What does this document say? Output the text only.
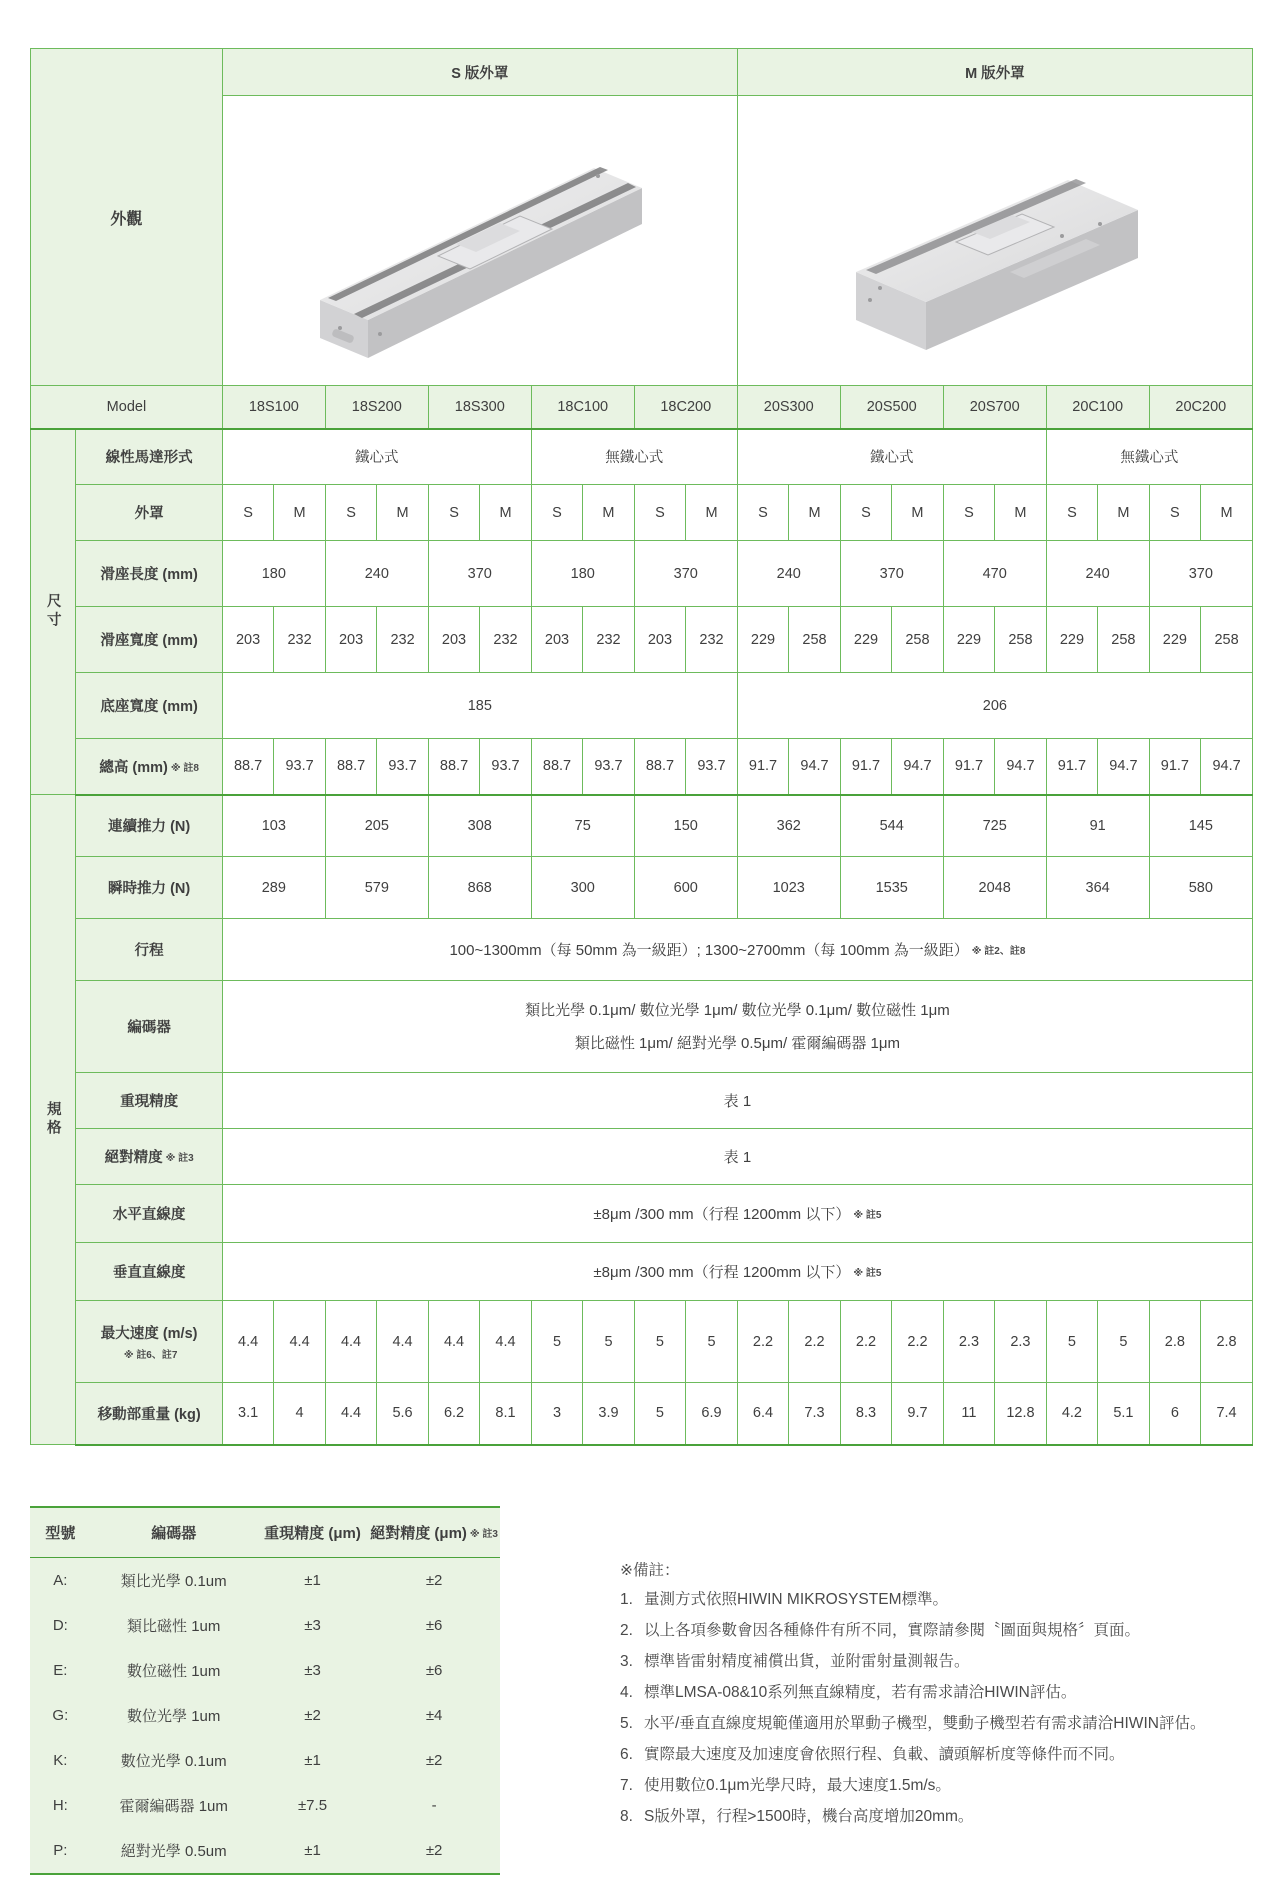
外觀		S 版外罩										M 版外罩									

Model		18S100		18S200		18S300		18C100		18C200		20S300		20S500		20S700		20C100		20C200	

尺寸	線性馬達形式	鐵心式						無鐵心式				鐵心式						無鐵心式			
	外罩	S	M	S	M	S	M	S	M	S	M	S	M	S	M	S	M	S	M	S	M
	滑座長度 (mm)	180		240		370		180		370		240		370		470		240		370	
	滑座寬度 (mm)	203	232	203	232	203	232	203	232	203	232	229	258	229	258	229	258	229	258	229	258
	底座寬度 (mm)	185										206									
	總高 (mm) ※ 註8	88.7	93.7	88.7	93.7	88.7	93.7	88.7	93.7	88.7	93.7	91.7	94.7	91.7	94.7	91.7	94.7	91.7	94.7	91.7	94.7

規格	連續推力 (N)	103		205		308		75		150		362		544		725		91		145	
	瞬時推力 (N)	289		579		868		300		600		1023		1535		2048		364		580	
	行程	100~1300mm（每 50mm 為一級距）; 1300~2700mm（每 100mm 為一級距） ※ 註2、註8																			
	編碼器	類比光學 0.1μm/ 數位光學 1μm/ 數位光學 0.1μm/ 數位磁性 1μm
類比磁性 1μm/ 絕對光學 0.5μm/ 霍爾編碼器 1μm																			

	重現精度	表 1																			
	絕對精度 ※ 註3	表 1																			
	水平直線度	±8μm /300 mm（行程 1200mm 以下） ※ 註5																			
	垂直直線度	±8μm /300 mm（行程 1200mm 以下） ※ 註5																			
	最大速度 (m/s)
※ 註6、註7	4.4	4.4	4.4	4.4	4.4	4.4	5	5	5	5	2.2	2.2	2.2	2.2	2.3	2.3	5	5	2.8	2.8
	移動部重量 (kg)	3.1	4	4.4	5.6	6.2	8.1	3	3.9	5	6.9	6.4	7.3	8.3	9.7	11	12.8	4.2	5.1	6	7.4
型號	編碼器	重現精度 (μm)	絕對精度 (μm) ※ 註3
A:	類比光學 0.1um	±1	±2
D:	類比磁性 1um	±3	±6
E:	數位磁性 1um	±3	±6
G:	數位光學 1um	±2	±4
K:	數位光學 0.1um	±1	±2
H:	霍爾編碼器 1um	±7.5	-
P:	絕對光學 0.5um	±1	±2
※備註：
1. 量測方式依照HIWIN MIKROSYSTEM標準。
2. 以上各項參數會因各種條件有所不同，實際請參閱〝圖面與規格〞頁面。
3. 標準皆雷射精度補償出貨，並附雷射量測報告。
4. 標準LMSA-08&10系列無直線精度，若有需求請洽HIWIN評估。
5. 水平/垂直直線度規範僅適用於單動子機型，雙動子機型若有需求請洽HIWIN評估。
6. 實際最大速度及加速度會依照行程、負載、讀頭解析度等條件而不同。
7. 使用數位0.1μm光學尺時，最大速度1.5m/s。
8. S版外罩，行程>1500時，機台高度增加20mm。
